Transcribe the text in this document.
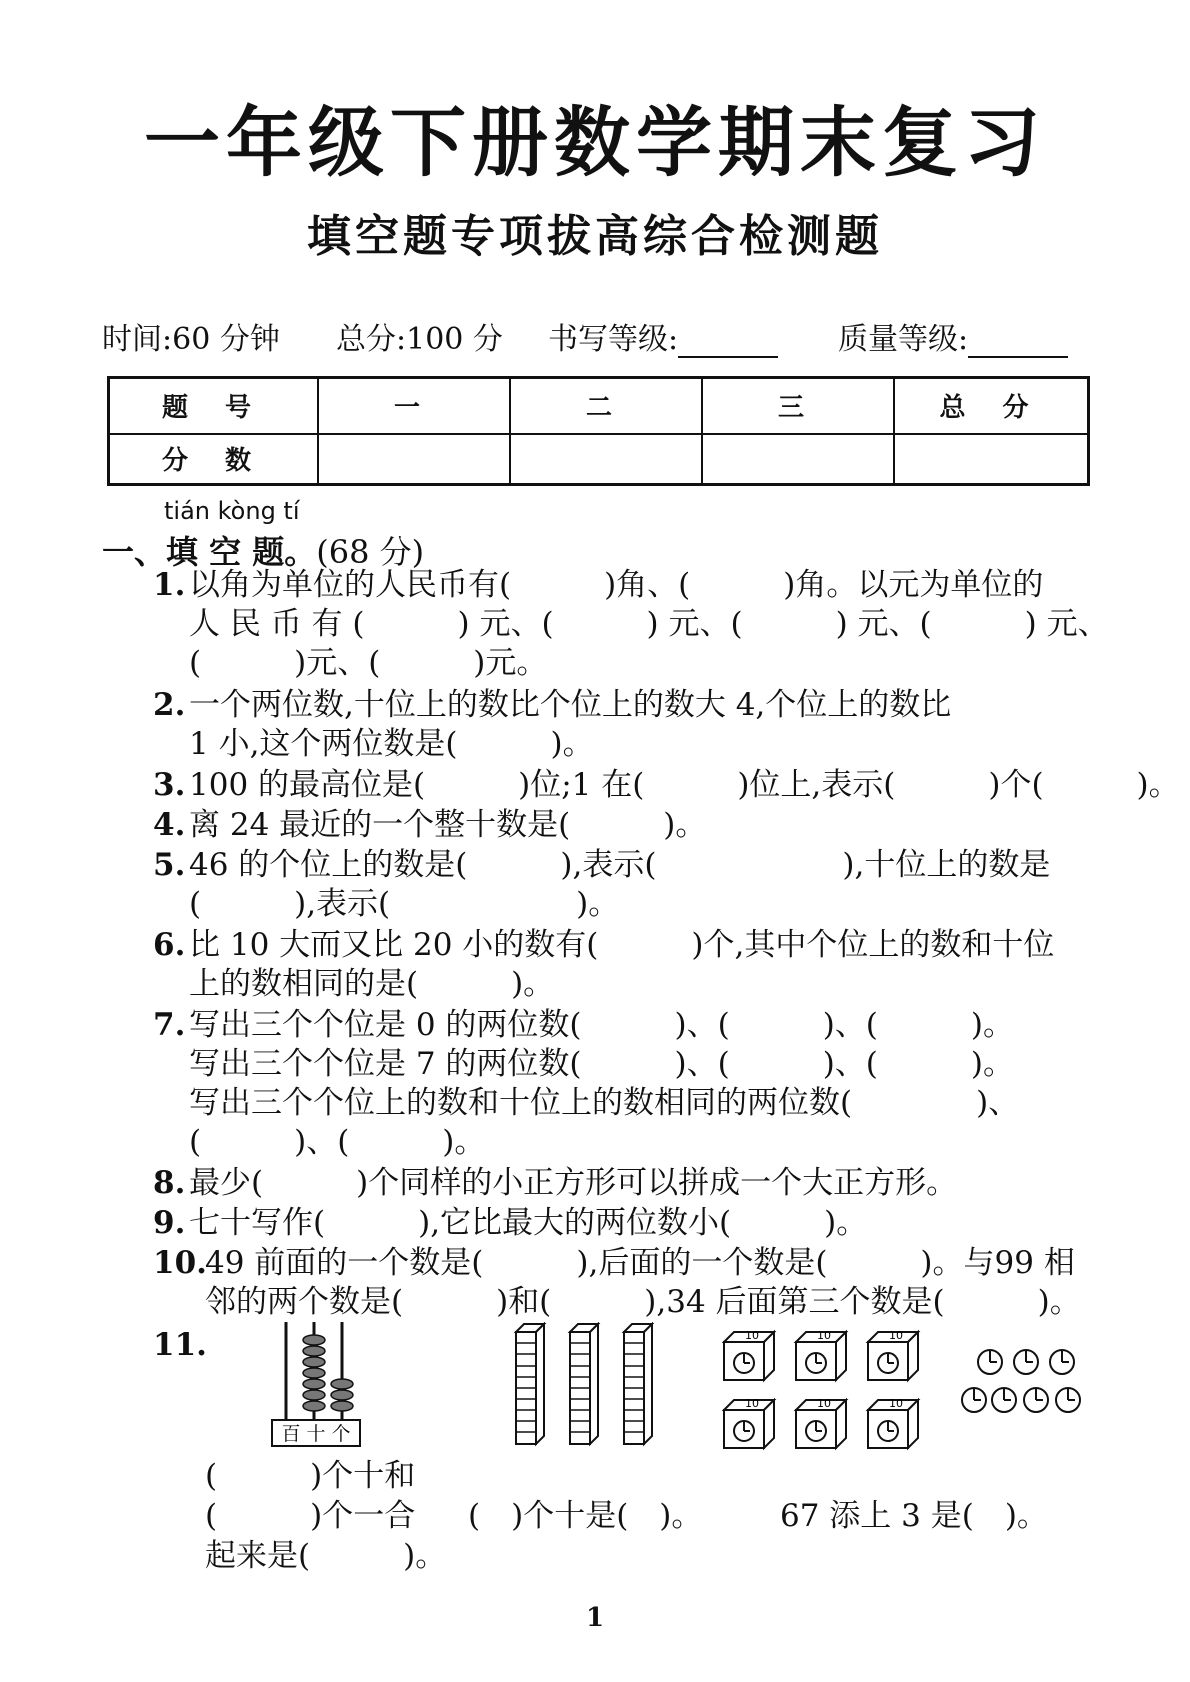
一年级下册数学期末复习
填空题专项拔高综合检测题
时间:60 分钟 总分:100 分 书写等级:	质量等级:
题 号	一	二	三	总 分
分 数				
tián kòng tí
一、填 空 题。(68 分)
1. 以角为单位的人民币有(　　　)角、(　　　)角。以元为单位的
人 民 币 有 (　　　) 元、(　　　) 元、(　　　) 元、(　　　) 元、
(　　　)元、(　　　)元。
2. 一个两位数,十位上的数比个位上的数大 4,个位上的数比
1 小,这个两位数是(　　　)。
3. 100 的最高位是(　　　)位;1 在(　　　)位上,表示(　　　)个(　　　)。
4. 离 24 最近的一个整十数是(　　　)。
5. 46 的个位上的数是(　　　),表示(　　　　　　),十位上的数是
(　　　),表示(　　　　　　)。
6. 比 10 大而又比 20 小的数有(　　　)个,其中个位上的数和十位
上的数相同的是(　　　)。
7. 写出三个个位是 0 的两位数(　　　)、(　　　)、(　　　)。
写出三个个位是 7 的两位数(　　　)、(　　　)、(　　　)。
写出三个个位上的数和十位上的数相同的两位数(　　　　)、
(　　　)、(　　　)。
8. 最少(　　　)个同样的小正方形可以拼成一个大正方形。
9. 七十写作(　　　),它比最大的两位数小(　　　)。
10.
49 前面的一个数是(　　　),后面的一个数是(　　　)。与99 相
邻的两个数是(　　　)和(　　　),34 后面第三个数是(　　　)。
11.
百 十 个
10	10	10
10	10	10
(　　　)个十和
(　　　)个一合
起来是(　　　)。
(　)个十是(　)。	67 添上 3 是(　)。
1
